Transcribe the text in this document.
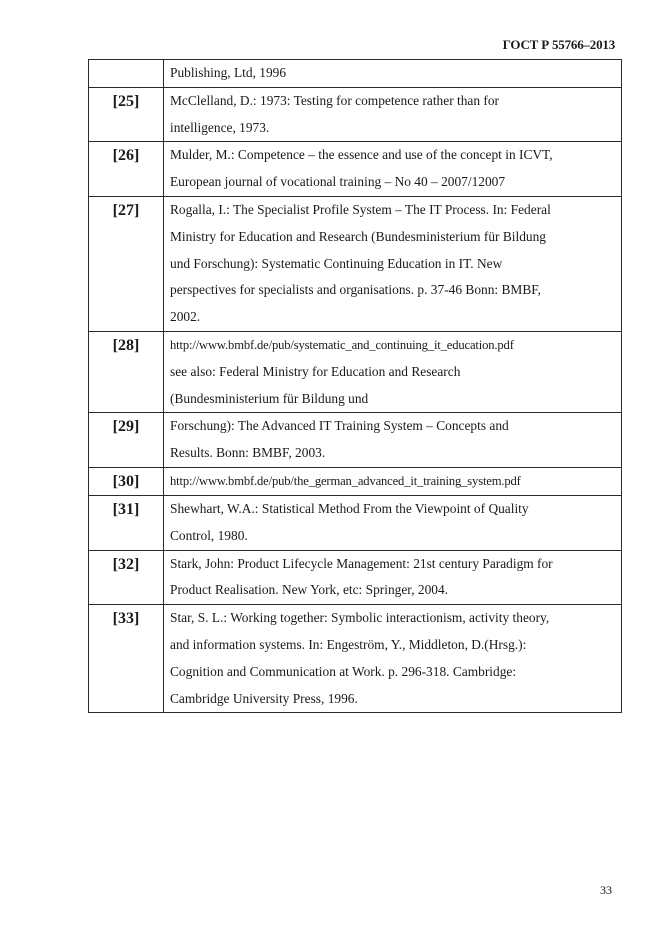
ГОСТ Р 55766–2013

	Publishing, Ltd, 1996

[25]	McClelland, D.: 1973: Testing for competence rather than for
intelligence, 1973.

[26]	Mulder, M.: Competence – the essence and use of the concept in ICVT,
European journal of vocational training – No 40 – 2007/12007

[27]	Rogalla, I.: The Specialist Profile System – The IT Process. In: Federal
Ministry for Education and Research (Bundesministerium für Bildung
und Forschung): Systematic Continuing Education in IT. New
perspectives for specialists and organisations. p. 37-46 Bonn: BMBF,
2002.

[28]	http://www.bmbf.de/pub/systematic_and_continuing_it_education.pdf
see also: Federal Ministry for Education and Research
(Bundesministerium für Bildung und

[29]	Forschung): The Advanced IT Training System – Concepts and
Results. Bonn: BMBF, 2003.

[30]	http://www.bmbf.de/pub/the_german_advanced_it_training_system.pdf

[31]	Shewhart, W.A.: Statistical Method From the Viewpoint of Quality
Control, 1980.

[32]	Stark, John: Product Lifecycle Management: 21st century Paradigm for
Product Realisation. New York, etc: Springer, 2004.

[33]	Star, S. L.: Working together: Symbolic interactionism, activity theory,
and information systems. In: Engeström, Y., Middleton, D.(Hrsg.):
Cognition and Communication at Work. p. 296-318. Cambridge:
Cambridge University Press, 1996.
33
